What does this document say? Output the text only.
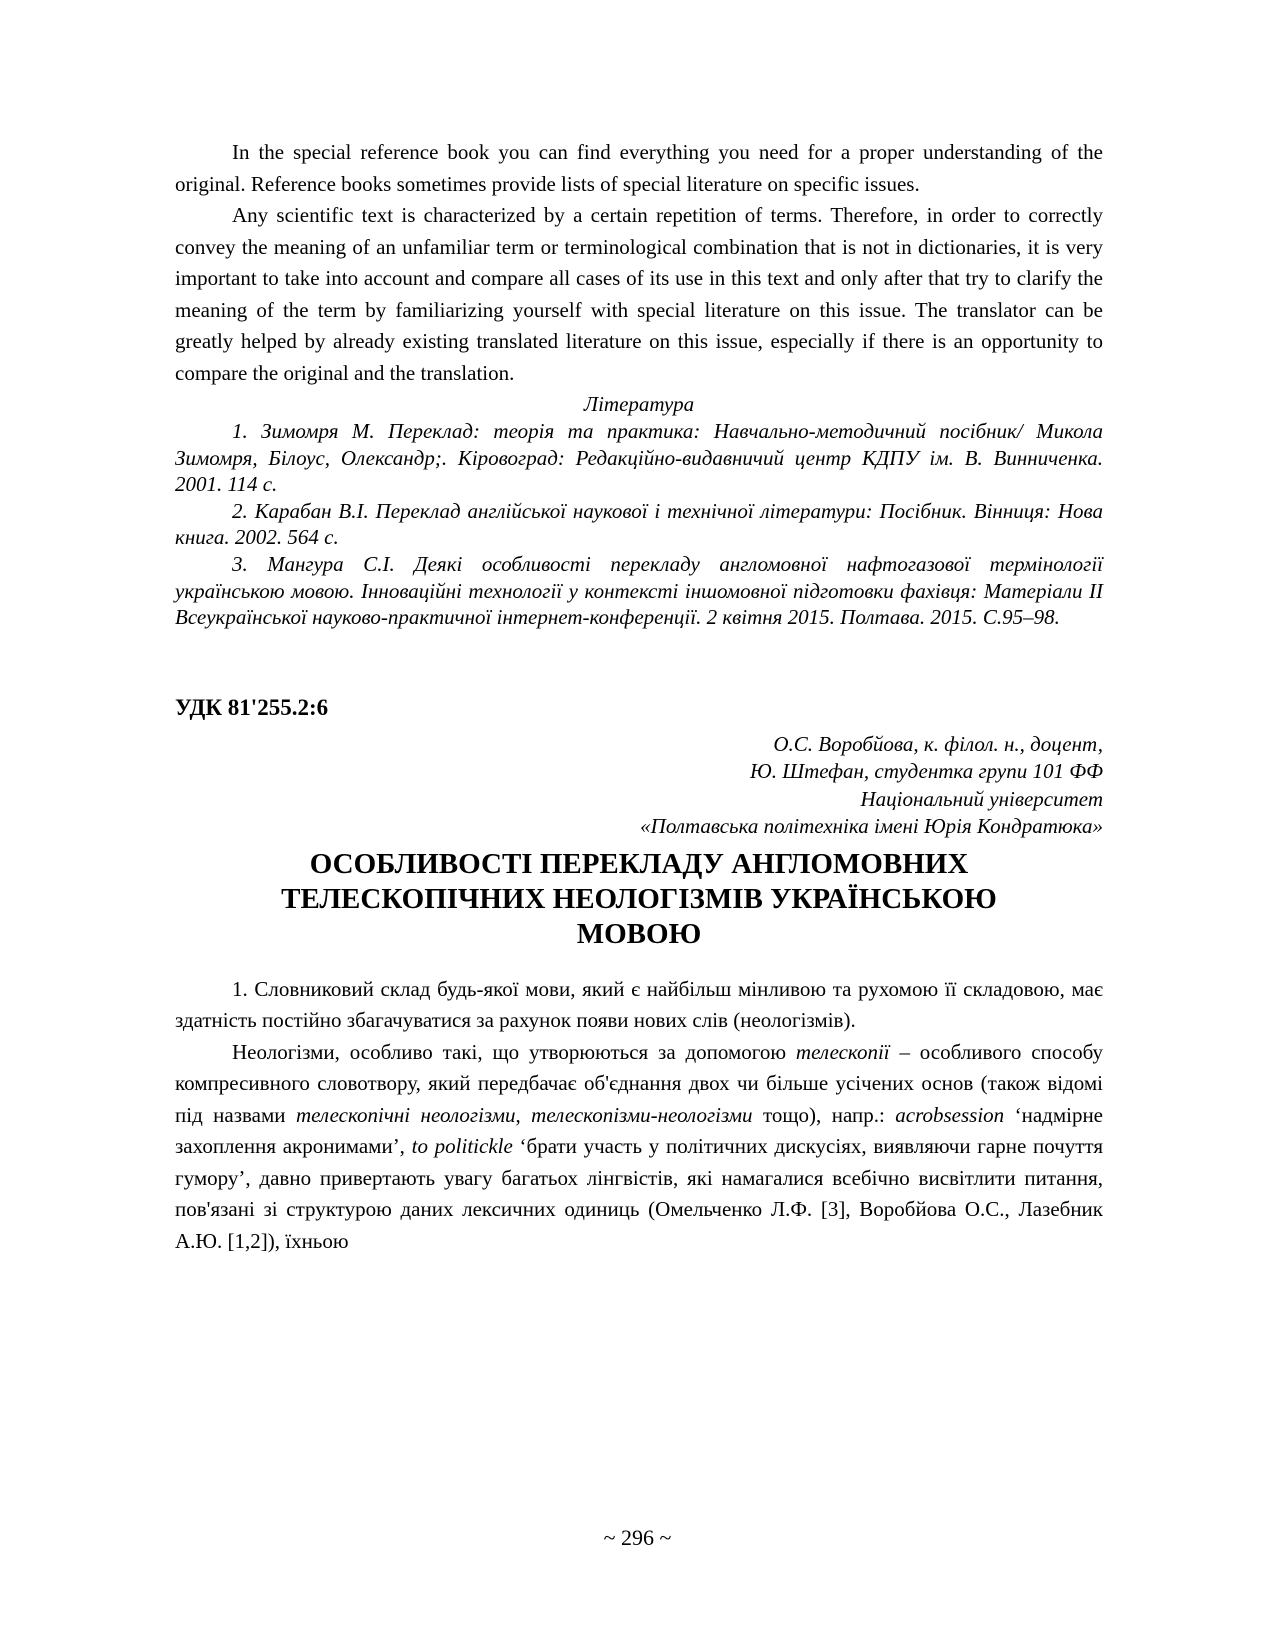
In the special reference book you can find everything you need for a proper understanding of the original. Reference books sometimes provide lists of special literature on specific issues.

Any scientific text is characterized by a certain repetition of terms. Therefore, in order to correctly convey the meaning of an unfamiliar term or terminological combination that is not in dictionaries, it is very important to take into account and compare all cases of its use in this text and only after that try to clarify the meaning of the term by familiarizing yourself with special literature on this issue. The translator can be greatly helped by already existing translated literature on this issue, especially if there is an opportunity to compare the original and the translation.

Література

1. Зимомря М. Переклад: теорія та практика: Навчально-методичний посібник/ Микола Зимомря, Білоус, Олександр;. Кіровоград: Редакційно-видавничий центр КДПУ ім. В. Винниченка. 2001. 114 с.

2. Карабан В.І. Переклад англійської наукової і технічної літератури: Посібник. Вінниця: Нова книга. 2002. 564 с.

3. Мангура С.І. Деякі особливості перекладу англомовної нафтогазової термінології українською мовою. Інноваційні технології у контексті іншомовної підготовки фахівця: Матеріали ІІ Всеукраїнської науково-практичної інтернет-конференції. 2 квітня 2015. Полтава. 2015. С.95–98.

УДК 81'255.2:6
О.С. Воробйова, к. філол. н., доцент,
Ю. Штефан, студентка групи 101 ФФ
Національний університет
«Полтавська політехніка імені Юрія Кондратюка»
ОСОБЛИВОСТІ ПЕРЕКЛАДУ АНГЛОМОВНИХ ТЕЛЕСКОПІЧНИХ НЕОЛОГІЗМІВ УКРАЇНСЬКОЮ МОВОЮ

1. Словниковий склад будь-якої мови, який є найбільш мінливою та рухомою її складовою, має здатність постійно збагачуватися за рахунок появи нових слів (неологізмів).

Неологізми, особливо такі, що утворюються за допомогою телескопії – особливого способу компресивного словотвору, який передбачає об'єднання двох чи більше усічених основ (також відомі під назвами телескопічні неологізми, телескопізми-неологізми тощо), напр.: acrobsession ‘надмірне захоплення акронимами’, to politickle ‘брати участь у політичних дискусіях, виявляючи гарне почуття гумору’, давно привертають увагу багатьох лінгвістів, які намагалися всебічно висвітлити питання, пов'язані зі структурою даних лексичних одиниць (Омельченко Л.Ф. [3], Воробйова О.С., Лазебник А.Ю. [1,2]), їхньою

~ 296 ~
